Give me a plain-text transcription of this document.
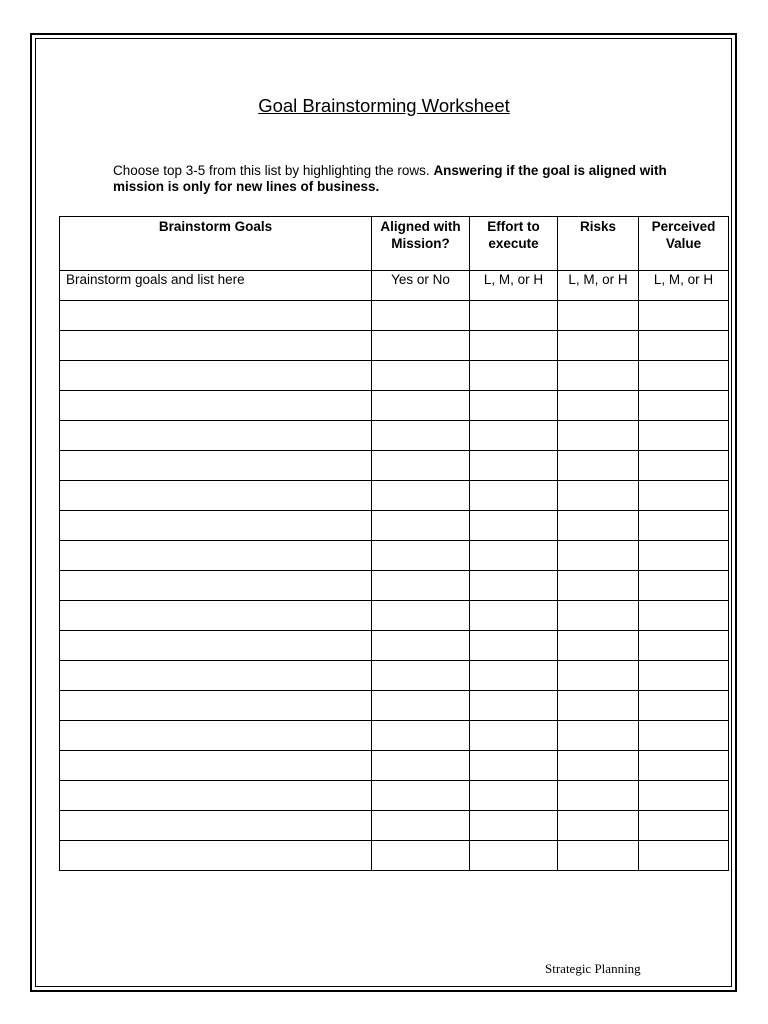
Goal Brainstorming Worksheet
Choose top 3-5 from this list by highlighting the rows. Answering if the goal is aligned with mission is only for new lines of business.
Brainstorm Goals	Aligned with Mission?	Effort to execute	Risks	Perceived Value
Brainstorm goals and list here	Yes or No	L, M, or H	L, M, or H	L, M, or H

Strategic Planning
